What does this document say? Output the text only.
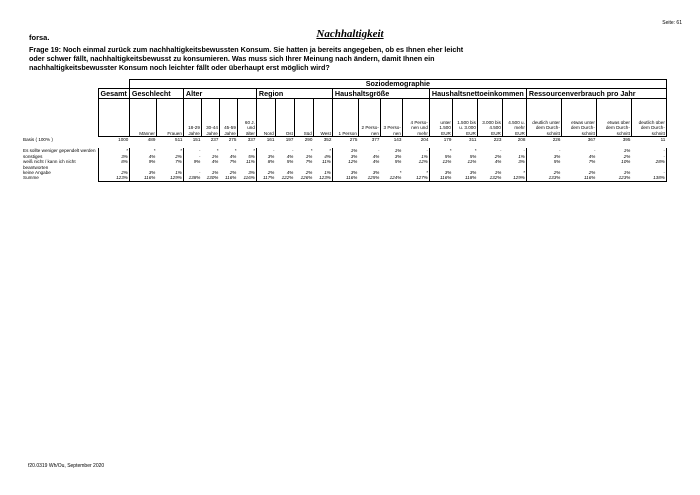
Seite: 61
forsa.	Nachhaltigkeit
Frage 19: Noch einmal zurück zum nachhaltigkeitsbewussten Konsum. Sie hatten ja bereits angegeben, ob es Ihnen eher leicht oder schwer fällt, nachhaltigkeitsbewusst zu konsumieren. Was muss sich Ihrer Meinung nach ändern, damit Ihnen ein nachhaltigkeitsbewusster Konsum noch leichter fällt oder überhaupt erst möglich wird?
		Soziodemographie																					
	Gesamt	Geschlecht		Alter				Region				Haushaltsgröße				Haushaltsnettoeinkommen				Ressourcenverbrauch pro Jahr			
		Männer	Frauen	18-29 Jahre	30-44 Jahre	45-59 Jahre	60 J. und älter	Nord	Ost	Süd	West	1 Person	2 Perso- nen	3 Perso- nen	4 Perso- nen und mehr	unter 1.500 EUR	1.500 bis u. 3.000 EUR	3.000 bis 4.500 EUR	4.500 u. mehr EUR	deutlich unter dem Durch- schnitt	etwas unter dem Durch- schnitt	etwas über dem Durch- schnitt	deutlich über dem Durch- schnitt
Basis ( 100% )	1000	489	511	151	237	275	337	161	197	290	352	275	377	143	204	179	311	223	208	226	367	395	11

Es sollte weniger gependelt werden	*	*	*	-	*	*	*	-	-	*	*	1%	-	1%	-	*	*	-	-	-	-	1%	-
sonstiges	3%	4%	2%	-	1%	4%	5%	3%	4%	1%	4%	3%	4%	3%	1%	5%	5%	2%	1%	3%	4%	2%	-
weiß nicht / kann ich nicht beantworten	8%	9%	7%	9%	4%	7%	11%	8%	5%	7%	11%	12%	4%	5%	12%	11%	11%	4%	3%	5%	7%	10%	28%
keine Angabe	2%	3%	1%	-	1%	2%	3%	2%	4%	2%	1%	3%	3%	*	*	3%	3%	1%	*	2%	2%	1%	-
Summe	123%	116%	129%	138%	130%	116%	116%	117%	122%	126%	123%	116%	125%	124%	127%	116%	118%	132%	129%	133%	116%	123%	138%
f20.0319 Wh/Ou, September 2020
